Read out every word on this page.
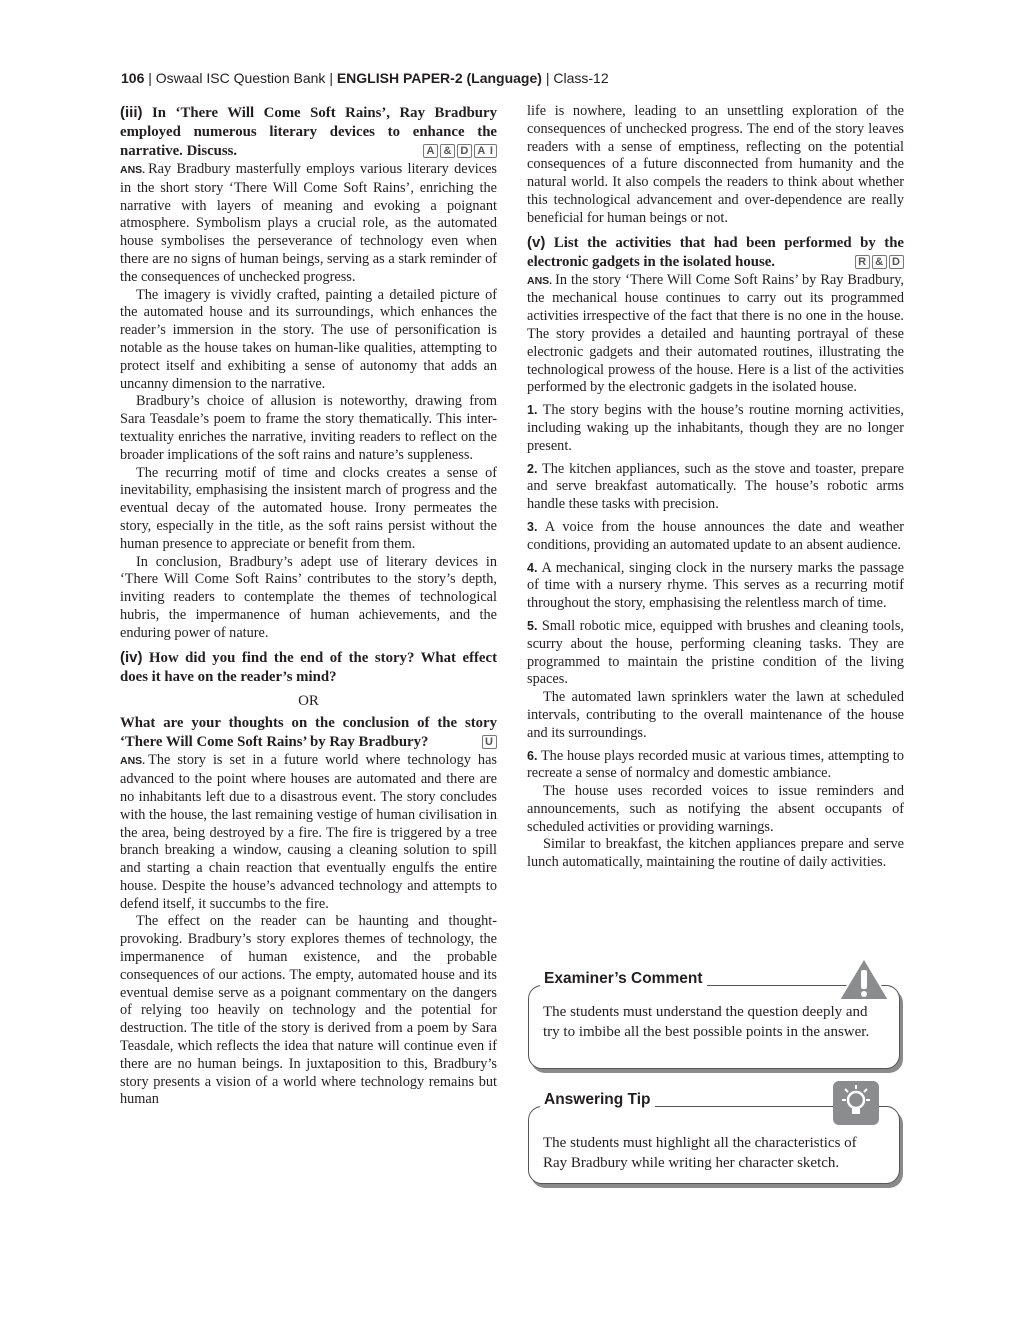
106 | Oswaal ISC Question Bank | ENGLISH PAPER-2 (Language) | Class-12

(iii) In ‘There Will Come Soft Rains’, Ray Bradbury employed numerous literary devices to enhance the narrative. Discuss.	A & D A I

ANS. Ray Bradbury masterfully employs various literary devices in the short story ‘There Will Come Soft Rains’, enriching the narrative with layers of meaning and evoking a poignant atmosphere. Symbolism plays a crucial role, as the automated house symbolises the perseverance of technology even when there are no signs of human beings, serving as a stark reminder of the consequences of unchecked progress.

The imagery is vividly crafted, painting a detailed picture of the automated house and its surroundings, which enhances the reader’s immersion in the story. The use of personification is notable as the house takes on human-like qualities, attempting to protect itself and exhibiting a sense of autonomy that adds an uncanny dimension to the narrative.

Bradbury’s choice of allusion is noteworthy, drawing from Sara Teasdale’s poem to frame the story thematically. This inter-textuality enriches the narrative, inviting readers to reflect on the broader implications of the soft rains and nature’s suppleness.

The recurring motif of time and clocks creates a sense of inevitability, emphasising the insistent march of progress and the eventual decay of the automated house. Irony permeates the story, especially in the title, as the soft rains persist without the human presence to appreciate or benefit from them.

In conclusion, Bradbury’s adept use of literary devices in ‘There Will Come Soft Rains’ contributes to the story’s depth, inviting readers to contemplate the themes of technological hubris, the impermanence of human achievements, and the enduring power of nature.

(iv) How did you find the end of the story? What effect does it have on the reader’s mind?

OR

What are your thoughts on the conclusion of the story ‘There Will Come Soft Rains’ by Ray Bradbury?	U

ANS. The story is set in a future world where technology has advanced to the point where houses are automated and there are no inhabitants left due to a disastrous event. The story concludes with the house, the last remaining vestige of human civilisation in the area, being destroyed by a fire. The fire is triggered by a tree branch breaking a window, causing a cleaning solution to spill and starting a chain reaction that eventually engulfs the entire house. Despite the house’s advanced technology and attempts to defend itself, it succumbs to the fire.

The effect on the reader can be haunting and thought-provoking. Bradbury’s story explores themes of technology, the impermanence of human existence, and the probable consequences of our actions. The empty, automated house and its eventual demise serve as a poignant commentary on the dangers of relying too heavily on technology and the potential for destruction. The title of the story is derived from a poem by Sara Teasdale, which reflects the idea that nature will continue even if there are no human beings. In juxtaposition to this, Bradbury’s story presents a vision of a world where technology remains but human

life is nowhere, leading to an unsettling exploration of the consequences of unchecked progress. The end of the story leaves readers with a sense of emptiness, reflecting on the potential consequences of a future disconnected from humanity and the natural world. It also compels the readers to think about whether this technological advancement and over-dependence are really beneficial for human beings or not.

(v) List the activities that had been performed by the electronic gadgets in the isolated house.	R & D

ANS. In the story ‘There Will Come Soft Rains’ by Ray Bradbury, the mechanical house continues to carry out its programmed activities irrespective of the fact that there is no one in the house. The story provides a detailed and haunting portrayal of these electronic gadgets and their automated routines, illustrating the technological prowess of the house. Here is a list of the activities performed by the electronic gadgets in the isolated house.

1. The story begins with the house’s routine morning activities, including waking up the inhabitants, though they are no longer present.

2. The kitchen appliances, such as the stove and toaster, prepare and serve breakfast automatically. The house’s robotic arms handle these tasks with precision.

3. A voice from the house announces the date and weather conditions, providing an automated update to an absent audience.

4. A mechanical, singing clock in the nursery marks the passage of time with a nursery rhyme. This serves as a recurring motif throughout the story, emphasising the relentless march of time.

5. Small robotic mice, equipped with brushes and cleaning tools, scurry about the house, performing cleaning tasks. They are programmed to maintain the pristine condition of the living spaces.

The automated lawn sprinklers water the lawn at scheduled intervals, contributing to the overall maintenance of the house and its surroundings.

6. The house plays recorded music at various times, attempting to recreate a sense of normalcy and domestic ambiance.

The house uses recorded voices to issue reminders and announcements, such as notifying the absent occupants of scheduled activities or providing warnings.

Similar to breakfast, the kitchen appliances prepare and serve lunch automatically, maintaining the routine of daily activities.

The students must understand the question deeply and try to imbibe all the best possible points in the answer.
Examiner’s Comment
The students must highlight all the characteristics of Ray Bradbury while writing her character sketch.
Answering Tip
